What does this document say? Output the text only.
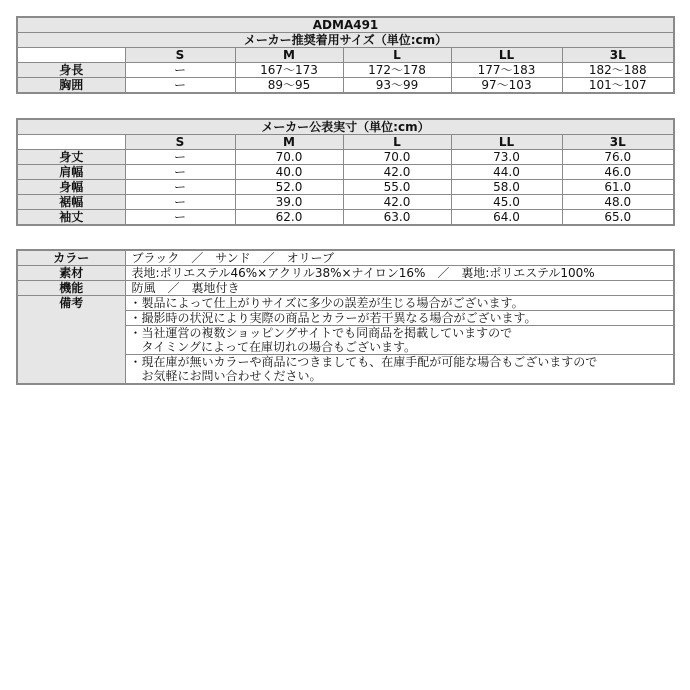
ADMA491					
メーカー推奨着用サイズ（単位:cm）					
	S	M	L	LL	3L
身長	ー	167〜173	172〜178	177〜183	182〜188
胸囲	ー	89〜95	93〜99	97〜103	101〜107
メーカー公表実寸（単位:cm）					
	S	M	L	LL	3L
身丈	ー	70.0	70.0	73.0	76.0
肩幅	ー	40.0	42.0	44.0	46.0
身幅	ー	52.0	55.0	58.0	61.0
裾幅	ー	39.0	42.0	45.0	48.0
袖丈	ー	62.0	63.0	64.0	65.0
カラー	ブラック　／　サンド　／　オリーブ
素材	表地:ポリエステル46%×アクリル38%×ナイロン16%　／　裏地:ポリエステル100%
機能	防風　／　裏地付き
備考	・製品によって仕上がりサイズに多少の誤差が生じる場合がございます。
	・撮影時の状況により実際の商品とカラーが若干異なる場合がございます。
	・当社運営の複数ショッピングサイトでも同商品を掲載していますので
	　タイミングによって在庫切れの場合もございます。
	・現在庫が無いカラーや商品につきましても、在庫手配が可能な場合もございますので
	　お気軽にお問い合わせください。
